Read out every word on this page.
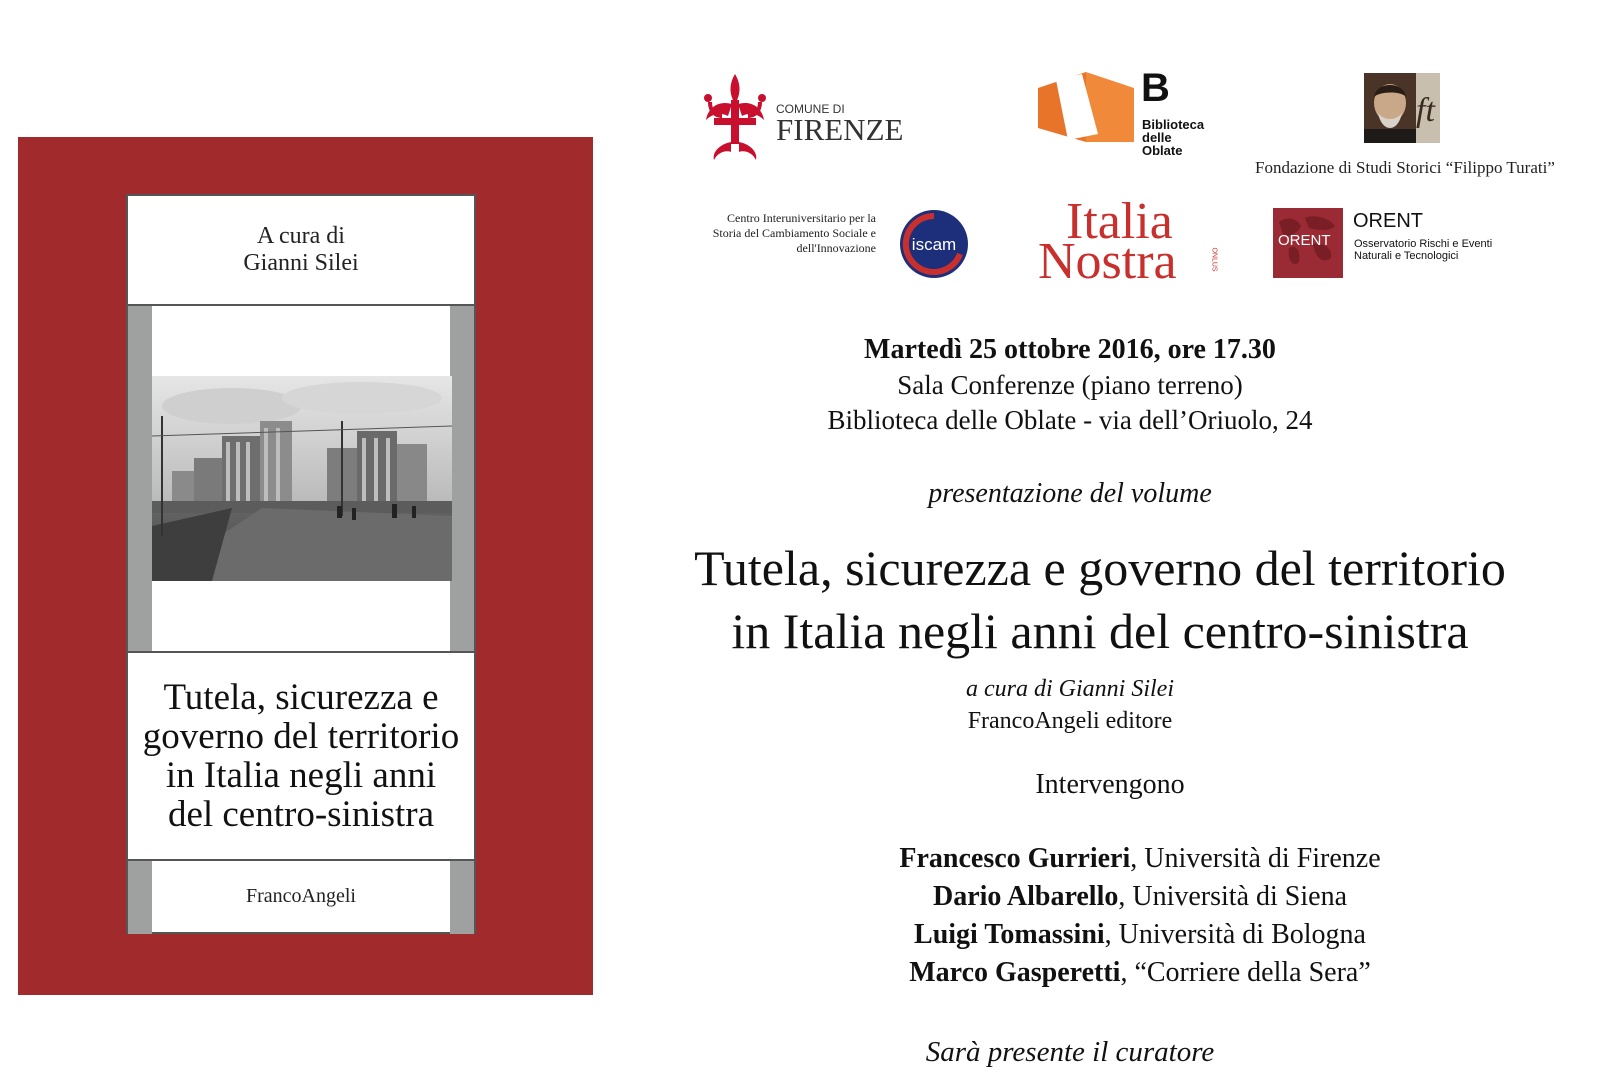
A cura di
Gianni Silei
Tutela, sicurezza e
governo del territorio
in Italia negli anni
del centro-sinistra
FrancoAngeli
COMUNE DI
FIRENZE
B
Biblioteca
delle Oblate
ft
Fondazione di Studi Storici “Filippo Turati”
Centro Interuniversitario per la
Storia del Cambiamento Sociale e
dell'Innovazione iscam Italia
Nostra	ONLUS
ORENT
ORENT
Osservatorio Rischi e Eventi
Naturali e Tecnologici
Martedì 25 ottobre 2016, ore 17.30
Sala Conferenze (piano terreno)
Biblioteca delle Oblate - via dell’Oriuolo, 24
presentazione del volume
Tutela, sicurezza e governo del territorio
in Italia negli anni del centro-sinistra
a cura di Gianni Silei
FrancoAngeli editore
Intervengono
Francesco Gurrieri, Università di Firenze
Dario Albarello, Università di Siena
Luigi Tomassini, Università di Bologna
Marco Gasperetti, “Corriere della Sera”
Sarà presente il curatore
